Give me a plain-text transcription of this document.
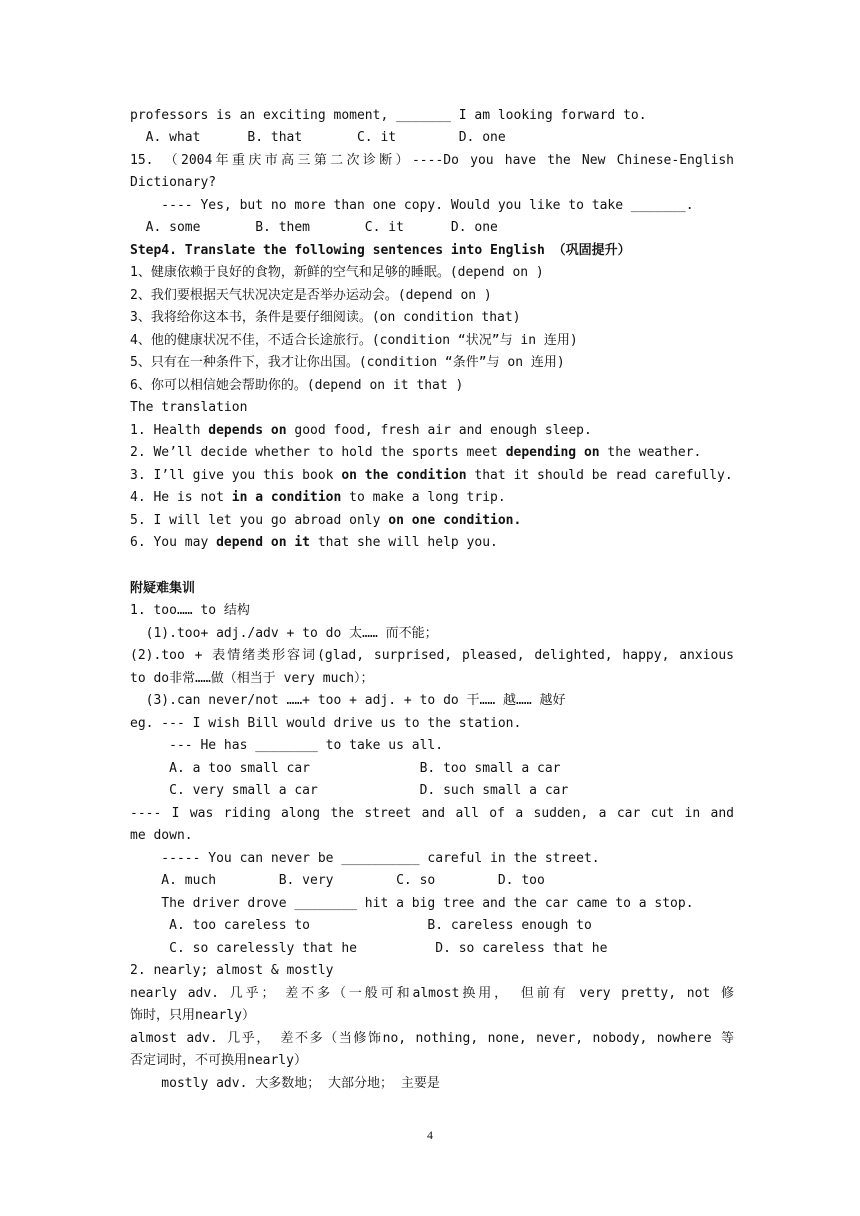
professors is an exciting moment, _______ I am looking forward to.
A. what      B. that       C. it        D. one
15. （2004年重庆市高三第二次诊断）----Do you have the New Chinese-English
Dictionary?
---- Yes, but no more than one copy. Would you like to take _______.
A. some       B. them       C. it      D. one
Step4. Translate the following sentences into English （巩固提升）
1、健康依赖于良好的食物，新鲜的空气和足够的睡眠。(depend on )
2、我们要根据天气状况决定是否举办运动会。(depend on )
3、我将给你这本书，条件是要仔细阅读。(on condition that)
4、他的健康状况不佳，不适合长途旅行。(condition “状况”与 in 连用)
5、只有在一种条件下，我才让你出国。(condition “条件”与 on 连用)
6、你可以相信她会帮助你的。(depend on it that )
The translation
1. Health depends on good food, fresh air and enough sleep.
2. We’ll decide whether to hold the sports meet depending on the weather.
3. I’ll give you this book on the condition that it should be read carefully.
4. He is not in a condition to make a long trip.
5. I will let you go abroad only on one condition.
6. You may depend on it that she will help you.
附疑难集训
1. too…… to 结构
(1).too+ adj./adv + to do 太…… 而不能；
(2).too + 表情绪类形容词(glad, surprised, pleased, delighted, happy, anxious
to do非常……做（相当于 very much）；
(3).can never/not ……+ too + adj. + to do 干…… 越…… 越好
eg. --- I wish Bill would drive us to the station.
--- He has ________ to take us all.
A. a too small car              B. too small a car
C. very small a car             D. such small a car
---- I was riding along the street and all of a sudden, a car cut in and
me down.
----- You can never be __________ careful in the street.
A. much        B. very        C. so        D. too
The driver drove ________ hit a big tree and the car came to a stop.
A. too careless to               B. careless enough to
C. so carelessly that he          D. so careless that he
2. nearly; almost & mostly
nearly adv. 几乎； 差不多（一般可和almost换用， 但前有 very pretty, not 修
饰时，只用nearly）
almost adv. 几乎， 差不多（当修饰no, nothing, none, never, nobody, nowhere 等
否定词时，不可换用nearly）
mostly adv. 大多数地； 大部分地； 主要是
4
